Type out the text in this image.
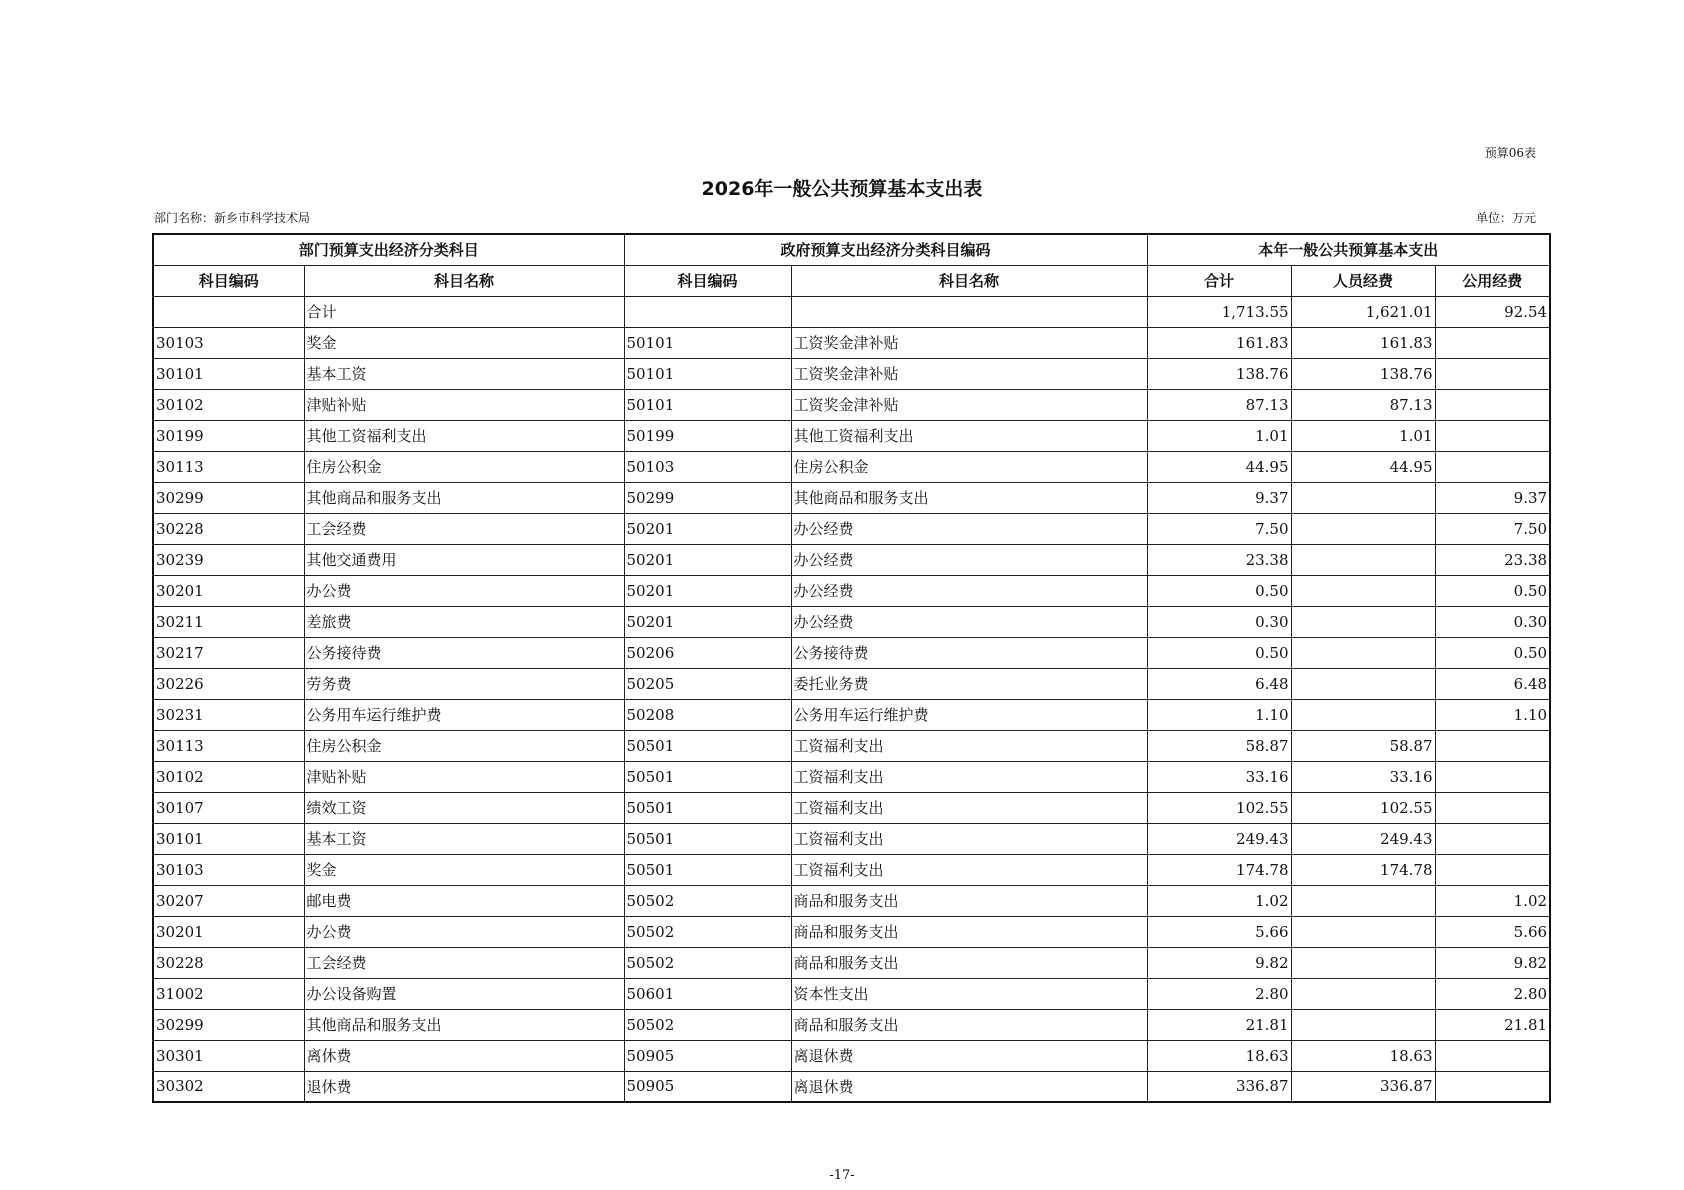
预算06表
2026年一般公共预算基本支出表
部门名称：新乡市科学技术局	单位：万元
部门预算支出经济分类科目		政府预算支出经济分类科目编码		本年一般公共预算基本支出		
科目编码	科目名称	科目编码	科目名称	合计	人员经费	公用经费
	合计			1,713.55	1,621.01	92.54
30103	奖金	50101	工资奖金津补贴	161.83	161.83	
30101	基本工资	50101	工资奖金津补贴	138.76	138.76	
30102	津贴补贴	50101	工资奖金津补贴	87.13	87.13	
30199	其他工资福利支出	50199	其他工资福利支出	1.01	1.01	
30113	住房公积金	50103	住房公积金	44.95	44.95	
30299	其他商品和服务支出	50299	其他商品和服务支出	9.37		9.37
30228	工会经费	50201	办公经费	7.50		7.50
30239	其他交通费用	50201	办公经费	23.38		23.38
30201	办公费	50201	办公经费	0.50		0.50
30211	差旅费	50201	办公经费	0.30		0.30
30217	公务接待费	50206	公务接待费	0.50		0.50
30226	劳务费	50205	委托业务费	6.48		6.48
30231	公务用车运行维护费	50208	公务用车运行维护费	1.10		1.10
30113	住房公积金	50501	工资福利支出	58.87	58.87	
30102	津贴补贴	50501	工资福利支出	33.16	33.16	
30107	绩效工资	50501	工资福利支出	102.55	102.55	
30101	基本工资	50501	工资福利支出	249.43	249.43	
30103	奖金	50501	工资福利支出	174.78	174.78	
30207	邮电费	50502	商品和服务支出	1.02		1.02
30201	办公费	50502	商品和服务支出	5.66		5.66
30228	工会经费	50502	商品和服务支出	9.82		9.82
31002	办公设备购置	50601	资本性支出	2.80		2.80
30299	其他商品和服务支出	50502	商品和服务支出	21.81		21.81
30301	离休费	50905	离退休费	18.63	18.63	
30302	退休费	50905	离退休费	336.87	336.87	
-17-
